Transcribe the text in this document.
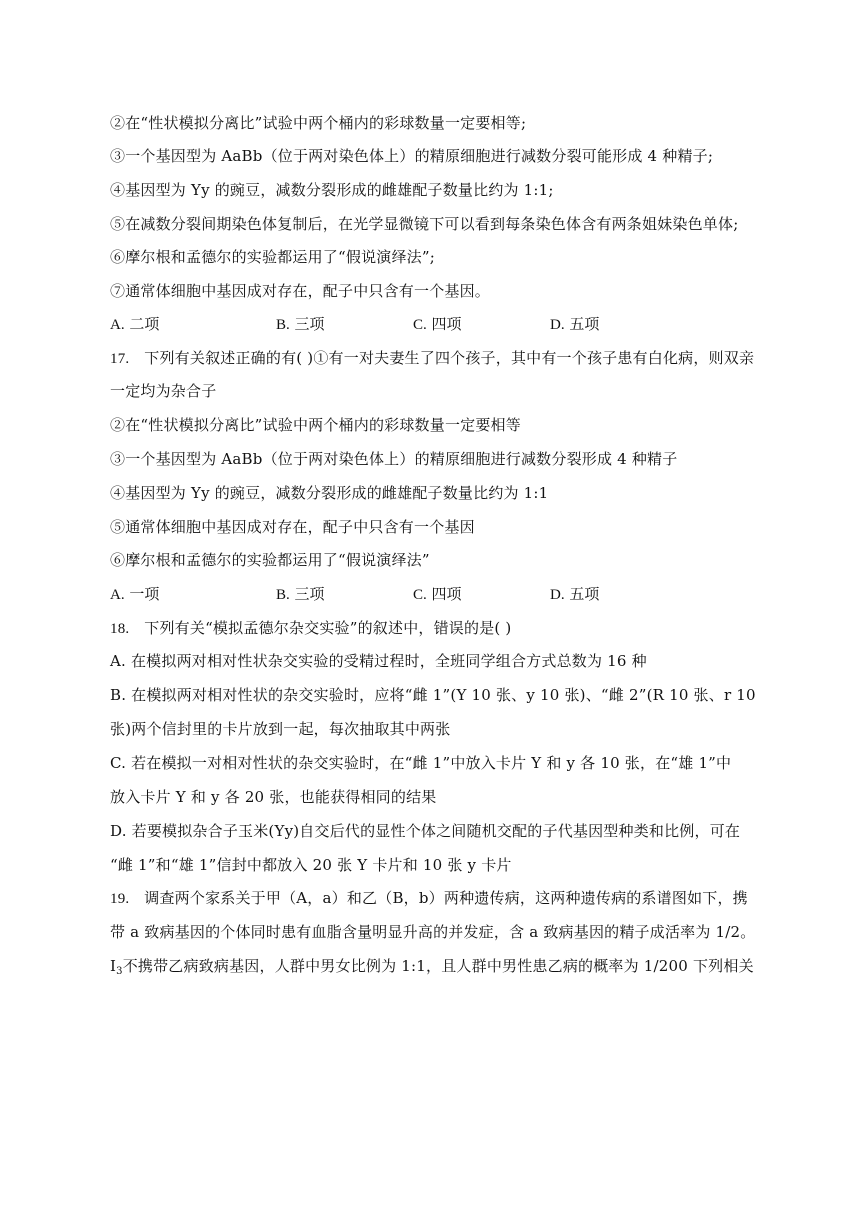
②在“性状模拟分离比”试验中两个桶内的彩球数量一定要相等;
③一个基因型为 AaBb（位于两对染色体上）的精原细胞进行减数分裂可能形成 4 种精子;
④基因型为 Yy 的豌豆，减数分裂形成的雌雄配子数量比约为 1:1;
⑤在减数分裂间期染色体复制后，在光学显微镜下可以看到每条染色体含有两条姐妹染色单体;
⑥摩尔根和孟德尔的实验都运用了“假说演绎法”;
⑦通常体细胞中基因成对存在，配子中只含有一个基因。
A. 二项	B. 三项	C. 四项	D. 五项
17. 下列有关叙述正确的有( )①有一对夫妻生了四个孩子，其中有一个孩子患有白化病，则双亲
一定均为杂合子
②在“性状模拟分离比”试验中两个桶内的彩球数量一定要相等
③一个基因型为 AaBb（位于两对染色体上）的精原细胞进行减数分裂形成 4 种精子
④基因型为 Yy 的豌豆，减数分裂形成的雌雄配子数量比约为 1:1
⑤通常体细胞中基因成对存在，配子中只含有一个基因
⑥摩尔根和孟德尔的实验都运用了“假说演绎法”
A. 一项	B. 三项	C. 四项	D. 五项
18. 下列有关“模拟孟德尔杂交实验”的叙述中，错误的是( )
A. 在模拟两对相对性状杂交实验的受精过程时，全班同学组合方式总数为 16 种
B. 在模拟两对相对性状的杂交实验时，应将“雌 1”(Y 10 张、y 10 张)、“雌 2”(R 10 张、r 10
张)两个信封里的卡片放到一起，每次抽取其中两张
C. 若在模拟一对相对性状的杂交实验时，在“雌 1”中放入卡片 Y 和 y 各 10 张，在“雄 1”中
放入卡片 Y 和 y 各 20 张，也能获得相同的结果
D. 若要模拟杂合子玉米(Yy)自交后代的显性个体之间随机交配的子代基因型种类和比例，可在
“雌 1”和“雄 1”信封中都放入 20 张 Y 卡片和 10 张 y 卡片
19. 调查两个家系关于甲（A，a）和乙（B，b）两种遗传病，这两种遗传病的系谱图如下，携
带 a 致病基因的个体同时患有血脂含量明显升高的并发症，含 a 致病基因的精子成活率为 1/2。
$Ⅰ_3$不携带乙病致病基因，人群中男女比例为 1:1，且人群中男性患乙病的概率为 1/200 下列相关
